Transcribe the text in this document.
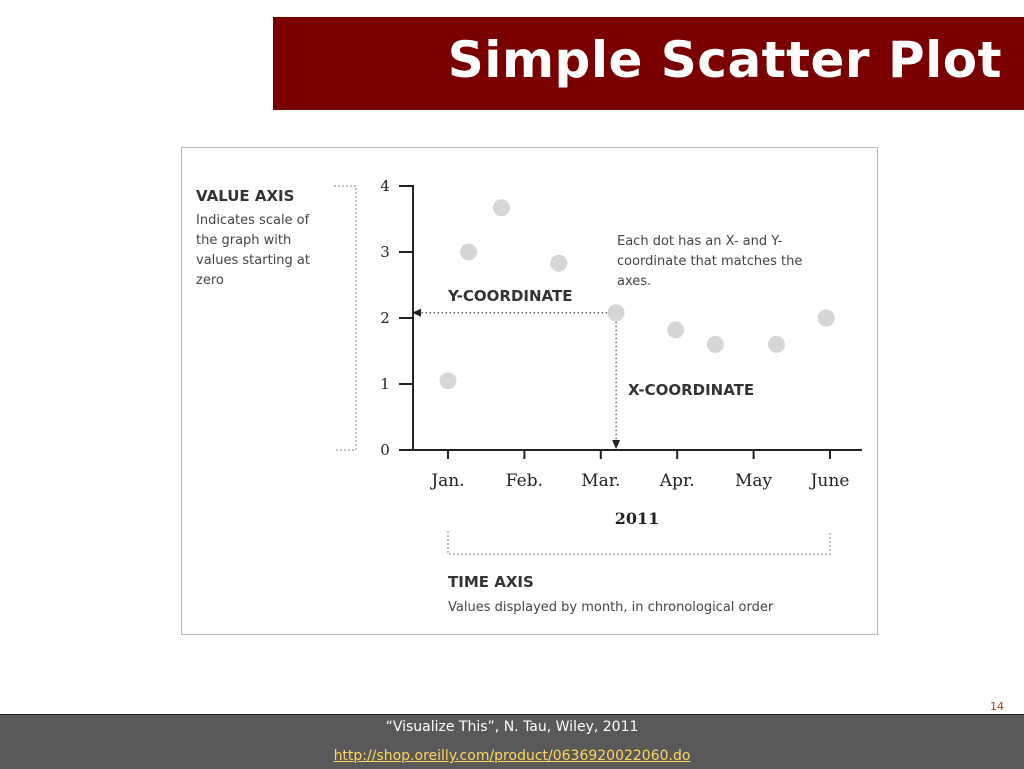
Simple Scatter Plot
VALUE AXIS
Indicates scale of
the graph with
values starting at
zero
0
1
2
3
4
Jan. Feb. Mar. Apr. May June
2011
Y-COORDINATE
X-COORDINATE
Each dot has an X- and Y-
coordinate that matches the
axes.
TIME AXIS
Values displayed by month, in chronological order
14
“Visualize This”, N. Tau, Wiley, 2011
http://shop.oreilly.com/product/0636920022060.do
